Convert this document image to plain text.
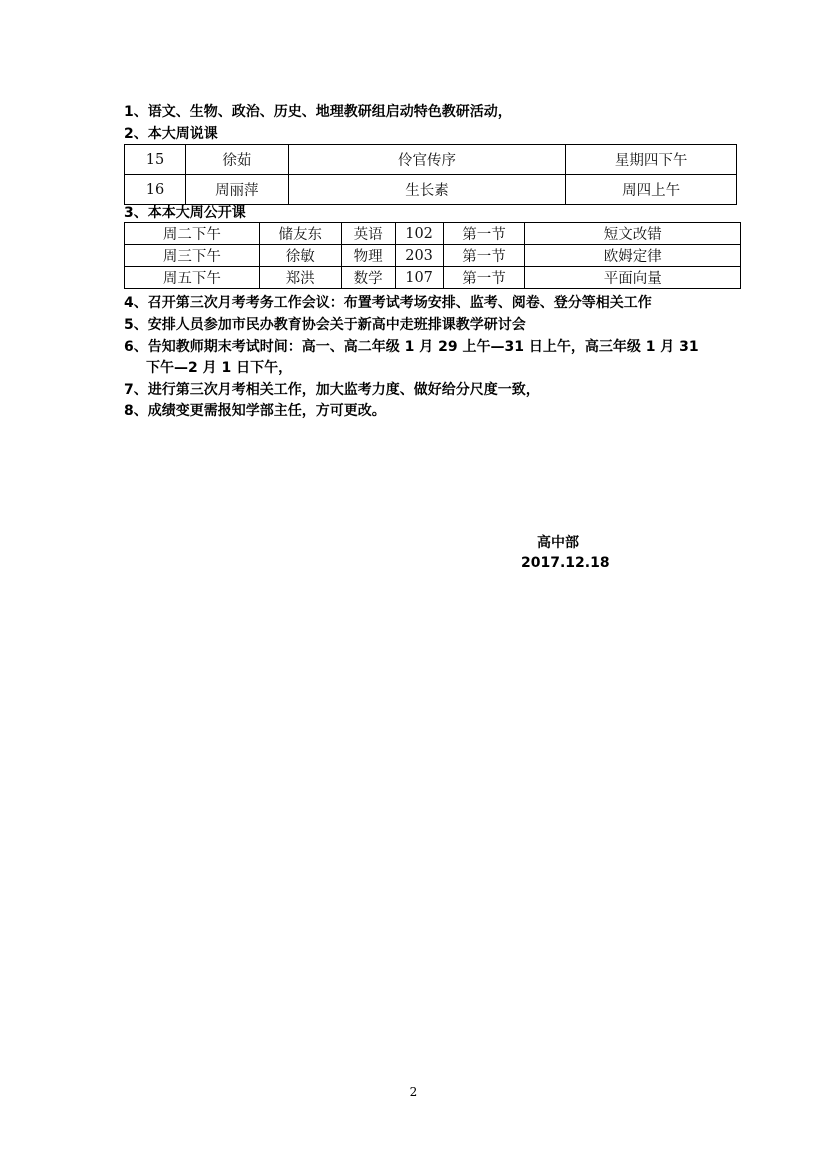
1、语文、生物、政治、历史、地理教研组启动特色教研活动，
2、本大周说课
15	徐茹	伶官传序	星期四下午
16	周丽萍	生长素	周四上午
3、本本大周公开课
周二下午	储友东	英语	102	第一节	短文改错
周三下午	徐敏	物理	203	第一节	欧姆定律
周五下午	郑洪	数学	107	第一节	平面向量
4、召开第三次月考考务工作会议：布置考试考场安排、监考、阅卷、登分等相关工作
5、安排人员参加市民办教育协会关于新高中走班排课教学研讨会
6、告知教师期末考试时间：高一、高二年级 1 月 29 上午—31 日上午，高三年级 1 月 31
下午—2 月 1 日下午，
7、进行第三次月考相关工作，加大监考力度、做好给分尺度一致，
8、成绩变更需报知学部主任，方可更改。
高中部
2017.12.18
2
